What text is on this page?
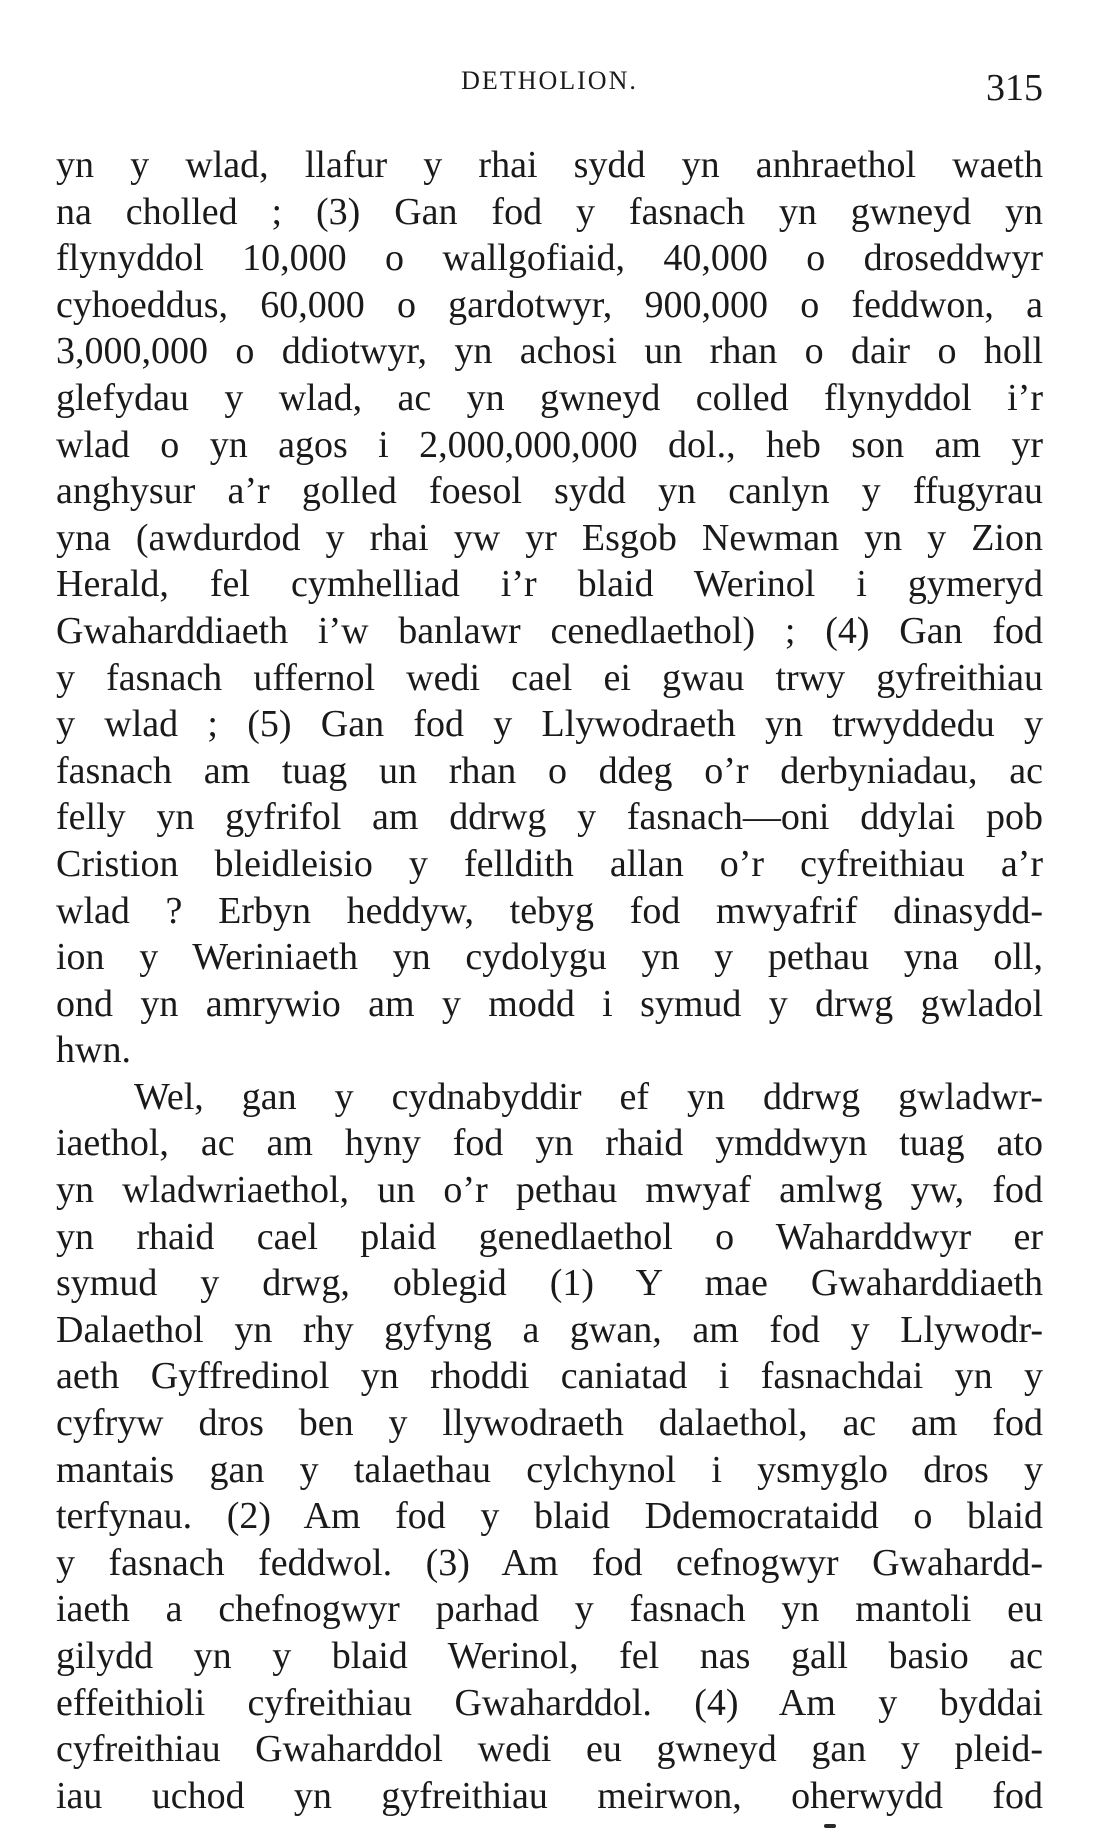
DETHOLION.	315

yn y wlad, llafur y rhai sydd yn anhraethol waeth
na cholled ; (3) Gan fod y fasnach yn gwneyd yn
flynyddol 10,000 o wallgofiaid, 40,000 o droseddwyr
cyhoeddus, 60,000 o gardotwyr, 900,000 o feddwon, a
3,000,000 o ddiotwyr, yn achosi un rhan o dair o holl
glefydau y wlad, ac yn gwneyd colled flynyddol i’r
wlad o yn agos i 2,000,000,000 dol., heb son am yr
anghysur a’r golled foesol sydd yn canlyn y ffugyrau
yna (awdurdod y rhai yw yr Esgob Newman yn y Zion
Herald, fel cymhelliad i’r blaid Werinol i gymeryd
Gwaharddiaeth i’w banlawr cenedlaethol) ; (4) Gan fod
y fasnach uffernol wedi cael ei gwau trwy gyfreithiau
y wlad ; (5) Gan fod y Llywodraeth yn trwyddedu y
fasnach am tuag un rhan o ddeg o’r derbyniadau, ac
felly yn gyfrifol am ddrwg y fasnach—oni ddylai pob
Cristion bleidleisio y felldith allan o’r cyfreithiau a’r
wlad ? Erbyn heddyw, tebyg fod mwyafrif dinasydd-
ion y Weriniaeth yn cydolygu yn y pethau yna oll,
ond yn amrywio am y modd i symud y drwg gwladol
hwn.

Wel, gan y cydnabyddir ef yn ddrwg gwladwr-
iaethol, ac am hyny fod yn rhaid ymddwyn tuag ato
yn wladwriaethol, un o’r pethau mwyaf amlwg yw, fod
yn rhaid cael plaid genedlaethol o Waharddwyr er
symud y drwg, oblegid (1) Y mae Gwaharddiaeth
Dalaethol yn rhy gyfyng a gwan, am fod y Llywodr-
aeth Gyffredinol yn rhoddi caniatad i fasnachdai yn y
cyfryw dros ben y llywodraeth dalaethol, ac am fod
mantais gan y talaethau cylchynol i ysmyglo dros y
terfynau. (2) Am fod y blaid Ddemocrataidd o blaid
y fasnach feddwol. (3) Am fod cefnogwyr Gwahardd-
iaeth a chefnogwyr parhad y fasnach yn mantoli eu
gilydd yn y blaid Werinol, fel nas gall basio ac
effeithioli cyfreithiau Gwaharddol. (4) Am y byddai
cyfreithiau Gwaharddol wedi eu gwneyd gan y pleid-
iau uchod yn gyfreithiau meirwon, oherwydd fod
